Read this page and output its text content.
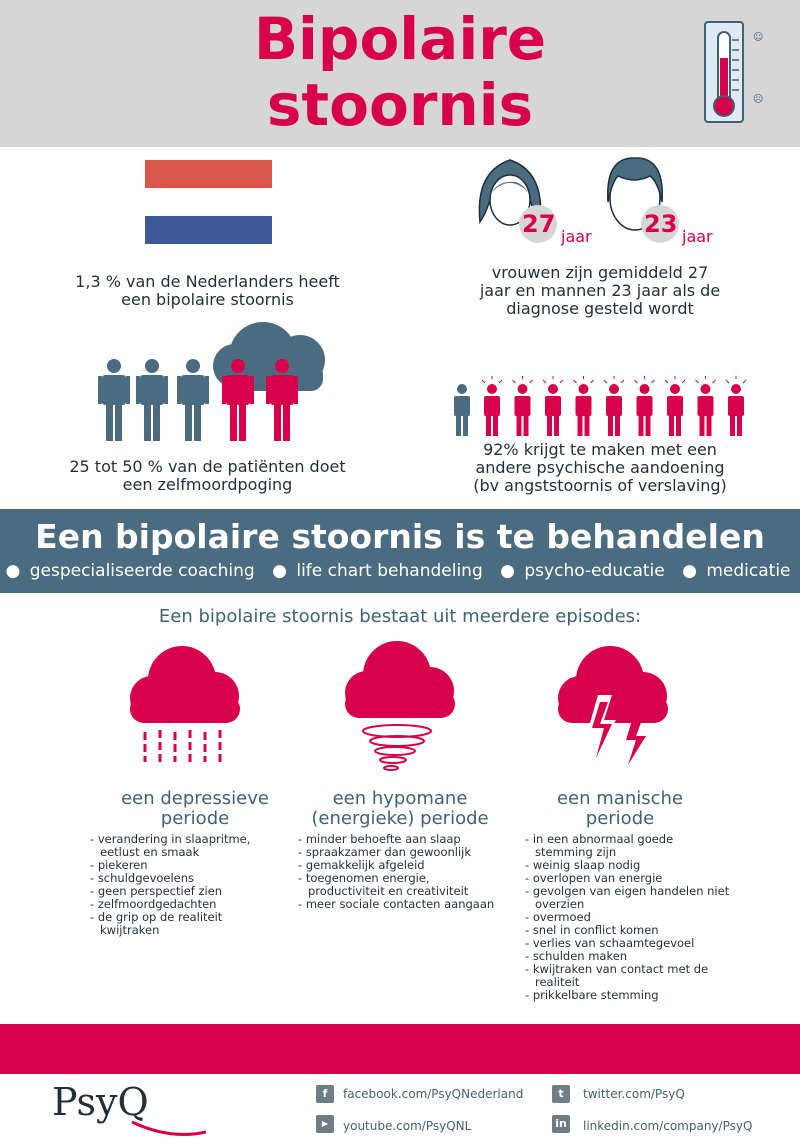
Bipolaire
stoornis
☺
☹
1,3 % van de Nederlanders heeft
een bipolaire stoornis
27 jaar 23 jaar
vrouwen zijn gemiddeld 27
jaar en mannen 23 jaar als de
diagnose gesteld wordt
25 tot 50 % van de patiënten doet
een zelfmoordpoging
92% krijgt te maken met een
andere psychische aandoening
(bv angststoornis of verslaving)
Een bipolaire stoornis is te behandelen
● gespecialiseerde coaching ● life chart behandeling ● psycho-educatie ● medicatie
Een bipolaire stoornis bestaat uit meerdere episodes:
een depressieve
periode
een hypomane
(energieke) periode
een manische
periode
- verandering in slaapritme, eetlust en smaak
- piekeren
- schuldgevoelens
- geen perspectief zien
- zelfmoordgedachten
- de grip op de realiteit kwijtraken
- minder behoefte aan slaap
- spraakzamer dan gewoonlijk
- gemakkelijk afgeleid
- toegenomen energie, productiviteit en creativiteit
- meer sociale contacten aangaan
- in een abnormaal goede stemming zijn
- weinig slaap nodig
- overlopen van energie
- gevolgen van eigen handelen niet overzien
- overmoed
- snel in conflict komen
- verlies van schaamtegevoel
- schulden maken
- kwijtraken van contact met de realiteit
- prikkelbare stemming
PsyQ	f	facebook.com/PsyQNederland	t	twitter.com/PsyQ
▶	youtube.com/PsyQNL	in linkedin.com/company/PsyQ
